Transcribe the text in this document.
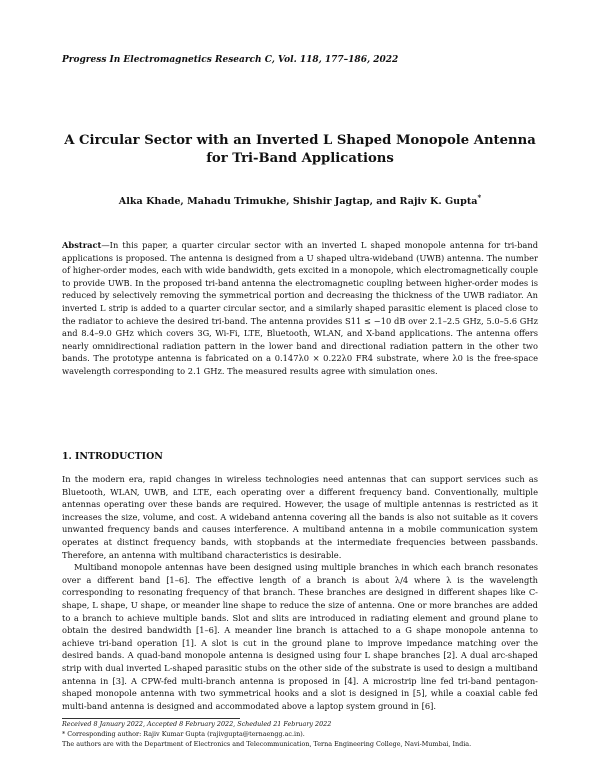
Progress In Electromagnetics Research C, Vol. 118, 177–186, 2022
A Circular Sector with an Inverted L Shaped Monopole Antenna
for Tri-Band Applications
Alka Khade, Mahadu Trimukhe, Shishir Jagtap, and Rajiv K. Gupta*
Abstract—In this paper, a quarter circular sector with an inverted L shaped monopole antenna for tri-band applications is proposed. The antenna is designed from a U shaped ultra-wideband (UWB) antenna. The number of higher-order modes, each with wide bandwidth, gets excited in a monopole, which electromagnetically couple to provide UWB. In the proposed tri-band antenna the electromagnetic coupling between higher-order modes is reduced by selectively removing the symmetrical portion and decreasing the thickness of the UWB radiator. An inverted L strip is added to a quarter circular sector, and a similarly shaped parasitic element is placed close to the radiator to achieve the desired tri-band. The antenna provides S11 ≤ −10 dB over 2.1–2.5 GHz, 5.0–5.6 GHz and 8.4–9.0 GHz which covers 3G, Wi-Fi, LTE, Bluetooth, WLAN, and X-band applications. The antenna offers nearly omnidirectional radiation pattern in the lower band and directional radiation pattern in the other two bands. The prototype antenna is fabricated on a 0.147λ0 × 0.22λ0 FR4 substrate, where λ0 is the free-space wavelength corresponding to 2.1 GHz. The measured results agree with simulation ones.
1. INTRODUCTION

In the modern era, rapid changes in wireless technologies need antennas that can support services such as Bluetooth, WLAN, UWB, and LTE, each operating over a different frequency band. Conventionally, multiple antennas operating over these bands are required. However, the usage of multiple antennas is restricted as it increases the size, volume, and cost. A wideband antenna covering all the bands is also not suitable as it covers unwanted frequency bands and causes interference. A multiband antenna in a mobile communication system operates at distinct frequency bands, with stopbands at the intermediate frequencies between passbands. Therefore, an antenna with multiband characteristics is desirable.

Multiband monopole antennas have been designed using multiple branches in which each branch resonates over a different band [1–6]. The effective length of a branch is about λ/4 where λ is the wavelength corresponding to resonating frequency of that branch. These branches are designed in different shapes like C-shape, L shape, U shape, or meander line shape to reduce the size of antenna. One or more branches are added to a branch to achieve multiple bands. Slot and slits are introduced in radiating element and ground plane to obtain the desired bandwidth [1–6]. A meander line branch is attached to a G shape monopole antenna to achieve tri-band operation [1]. A slot is cut in the ground plane to improve impedance matching over the desired bands. A quad-band monopole antenna is designed using four L shape branches [2]. A dual arc-shaped strip with dual inverted L-shaped parasitic stubs on the other side of the substrate is used to design a multiband antenna in [3]. A CPW-fed multi-branch antenna is proposed in [4]. A microstrip line fed tri-band pentagon-shaped monopole antenna with two symmetrical hooks and a slot is designed in [5], while a coaxial cable fed multi-band antenna is designed and accommodated above a laptop system ground in [6].

Received 8 January 2022, Accepted 8 February 2022, Scheduled 21 February 2022
* Corresponding author: Rajiv Kumar Gupta (rajivgupta@ternaengg.ac.in).
The authors are with the Department of Electronics and Telecommunication, Terna Engineering College, Navi-Mumbai, India.
